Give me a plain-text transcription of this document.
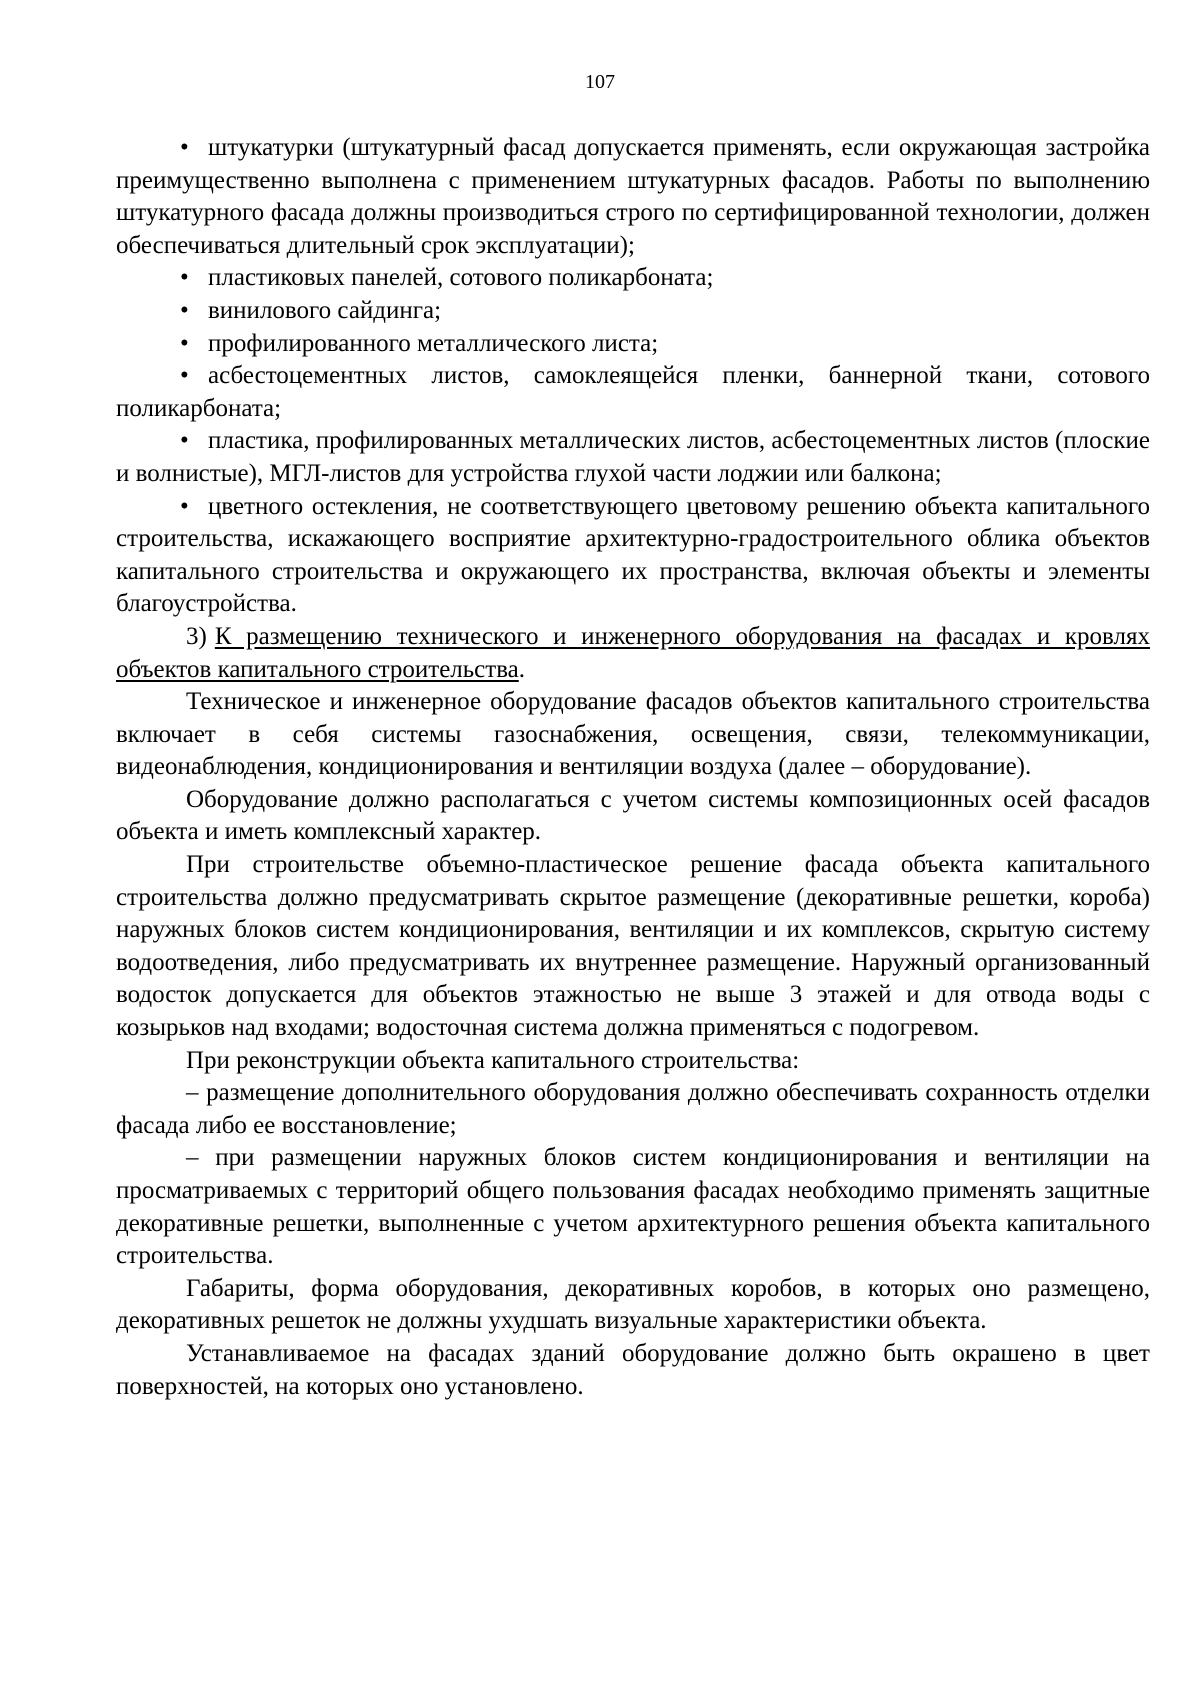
107

• штукатурки (штукатурный фасад допускается применять, если окружающая застройка преимущественно выполнена с применением штукатурных фасадов. Работы по выполнению штукатурного фасада должны производиться строго по сертифицированной технологии, должен обеспечиваться длительный срок эксплуатации);

• пластиковых панелей, сотового поликарбоната;

• винилового сайдинга;

• профилированного металлического листа;

• асбестоцементных листов, самоклеящейся пленки, баннерной ткани, сотового поликарбоната;

• пластика, профилированных металлических листов, асбестоцементных листов (плоские и волнистые), МГЛ-листов для устройства глухой части лоджии или балкона;

• цветного остекления, не соответствующего цветовому решению объекта капитального строительства, искажающего восприятие архитектурно-градостроительного облика объектов капитального строительства и окружающего их пространства, включая объекты и элементы благоустройства.

3) К размещению технического и инженерного оборудования на фасадах и кровлях объектов капитального строительства.

Техническое и инженерное оборудование фасадов объектов капитального строительства включает в себя системы газоснабжения, освещения, связи, телекоммуникации, видеонаблюдения, кондиционирования и вентиляции воздуха (далее – оборудование).

Оборудование должно располагаться с учетом системы композиционных осей фасадов объекта и иметь комплексный характер.

При строительстве объемно-пластическое решение фасада объекта капитального строительства должно предусматривать скрытое размещение (декоративные решетки, короба) наружных блоков систем кондиционирования, вентиляции и их комплексов, скрытую систему водоотведения, либо предусматривать их внутреннее размещение. Наружный организованный водосток допускается для объектов этажностью не выше 3 этажей и для отвода воды с козырьков над входами; водосточная система должна применяться с подогревом.

При реконструкции объекта капитального строительства:

– размещение дополнительного оборудования должно обеспечивать сохранность отделки фасада либо ее восстановление;

– при размещении наружных блоков систем кондиционирования и вентиляции на просматриваемых с территорий общего пользования фасадах необходимо применять защитные декоративные решетки, выполненные с учетом архитектурного решения объекта капитального строительства.

Габариты, форма оборудования, декоративных коробов, в которых оно размещено, декоративных решеток не должны ухудшать визуальные характеристики объекта.

Устанавливаемое на фасадах зданий оборудование должно быть окрашено в цвет поверхностей, на которых оно установлено.
